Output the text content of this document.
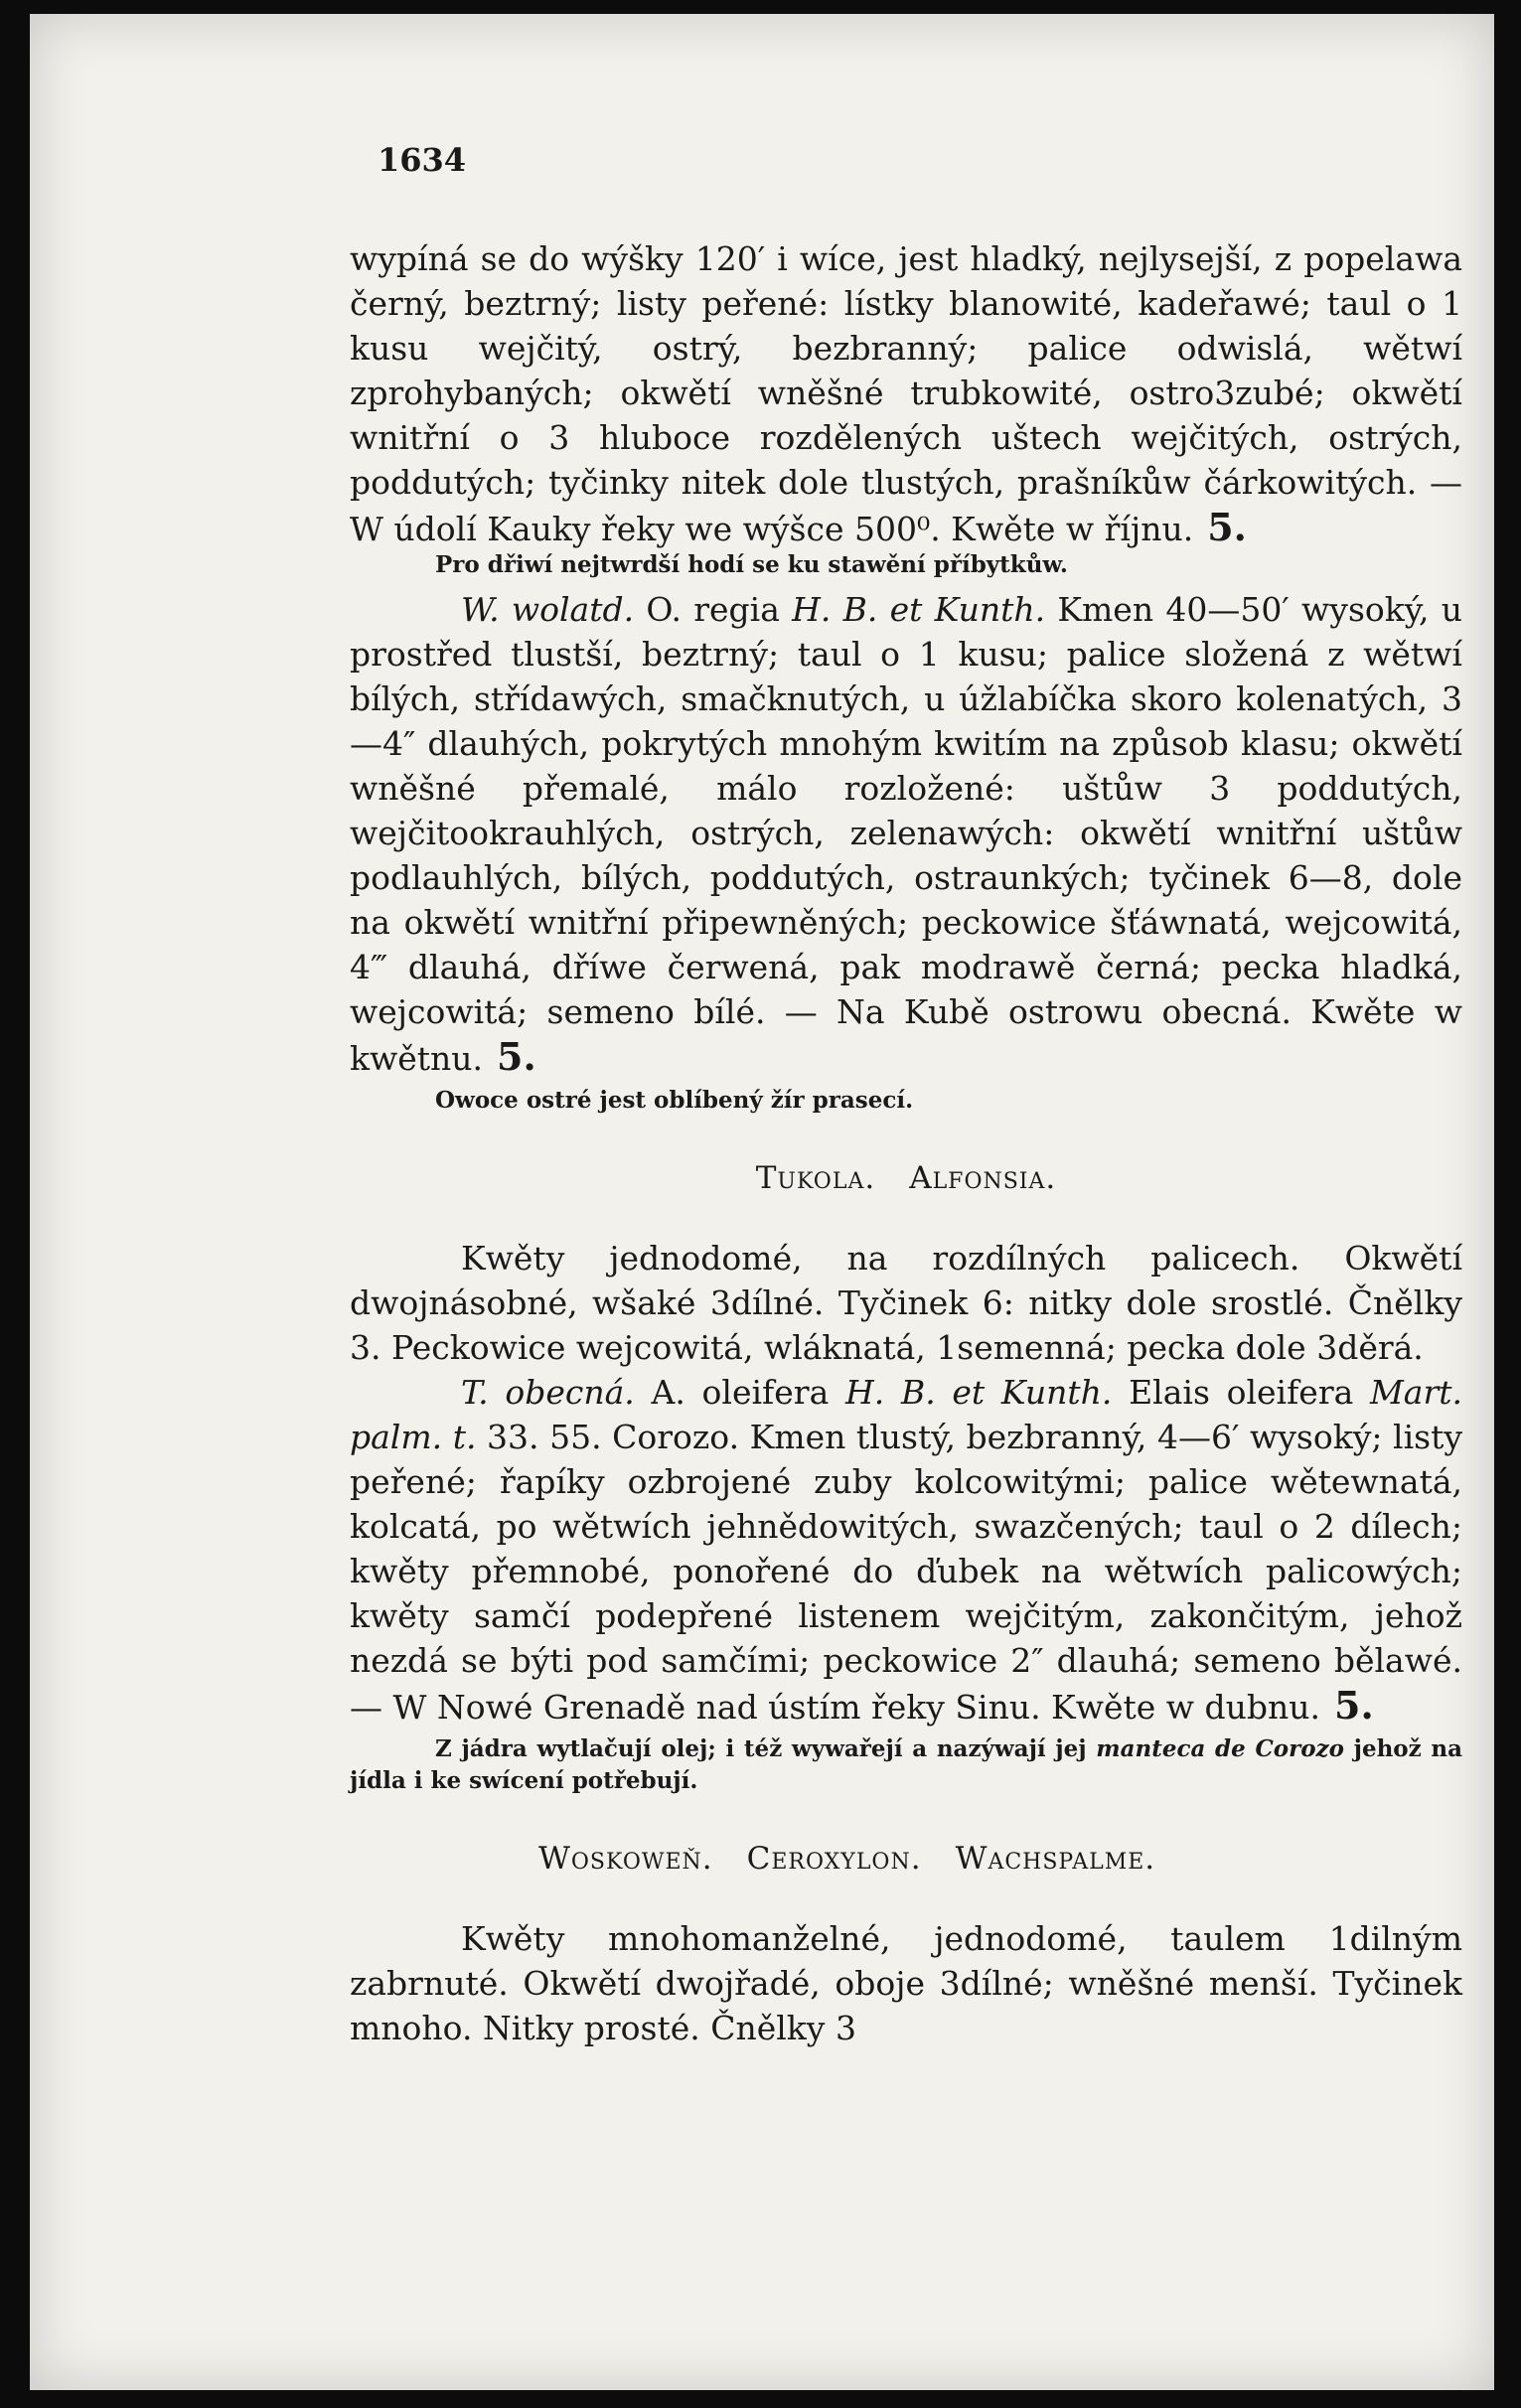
1634

wypíná se do wýšky 120′ i wíce, jest hladký, nejlysejší, z popelawa černý, beztrný; listy peřené: lístky blanowité, kadeřawé; taul o 1 kusu wejčitý, ostrý, bezbranný; palice odwislá, wětwí zprohybaných; okwětí wněšné trubkowité, ostro3zubé; okwětí wnitřní o 3 hluboce rozdělených uštech wejčitých, ostrých, poddutých; tyčinky nitek dole tlustých, prašníkůw čárkowitých. — W údolí Kauky řeky we wýšce 500⁰. Kwěte w říjnu. 5.

Pro dřiwí nejtwrdší hodí se ku stawění příbytkůw.

W. wolatd. O. regia H. B. et Kunth. Kmen 40—50′ wysoký, u prostřed tlustší, beztrný; taul o 1 kusu; palice složená z wětwí bílých, střídawých, smačknutých, u úžlabíčka skoro kolenatých, 3—4″ dlauhých, pokrytých mnohým kwitím na způsob klasu; okwětí wněšné přemalé, málo rozložené: uštůw 3 poddutých, wejčitookrauhlých, ostrých, zelenawých: okwětí wnitřní uštůw podlauhlých, bílých, poddutých, ostraunkých; tyčinek 6—8, dole na okwětí wnitřní připewněných; peckowice šťáwnatá, wejcowitá, 4‴ dlauhá, dříwe čerwená, pak modrawě černá; pecka hladká, wejcowitá; semeno bílé. — Na Kubě ostrowu obecná. Kwěte w kwětnu. 5.

Owoce ostré jest oblíbený žír prasecí.

Tukola. Alfonsia.

Kwěty jednodomé, na rozdílných palicech. Okwětí dwojnásobné, wšaké 3dílné. Tyčinek 6: nitky dole srostlé. Čnělky 3. Peckowice wejcowitá, wláknatá, 1semenná; pecka dole 3děrá.

T. obecná. A. oleifera H. B. et Kunth. Elais oleifera Mart. palm. t. 33. 55. Corozo. Kmen tlustý, bezbranný, 4—6′ wysoký; listy peřené; řapíky ozbrojené zuby kolcowitými; palice wětewnatá, kolcatá, po wětwích jehnědowitých, swazčených; taul o 2 dílech; kwěty přemnobé, ponořené do ďubek na wětwích palicowých; kwěty samčí podepřené listenem wejčitým, zakončitým, jehož nezdá se býti pod samčími; peckowice 2″ dlauhá; semeno bělawé. — W Nowé Grenadě nad ústím řeky Sinu. Kwěte w dubnu. 5.

Z jádra wytlačují olej; i též wywařejí a nazýwají jej manteca de Corozo jehož na jídla i ke swícení potřebují.

Woskoweň. Ceroxylon. Wachspalme.

Kwěty mnohomanželné, jednodomé, taulem 1dilným zabrnuté. Okwětí dwojřadé, oboje 3dílné; wněšné menší. Tyčinek mnoho. Nitky prosté. Čnělky 3
